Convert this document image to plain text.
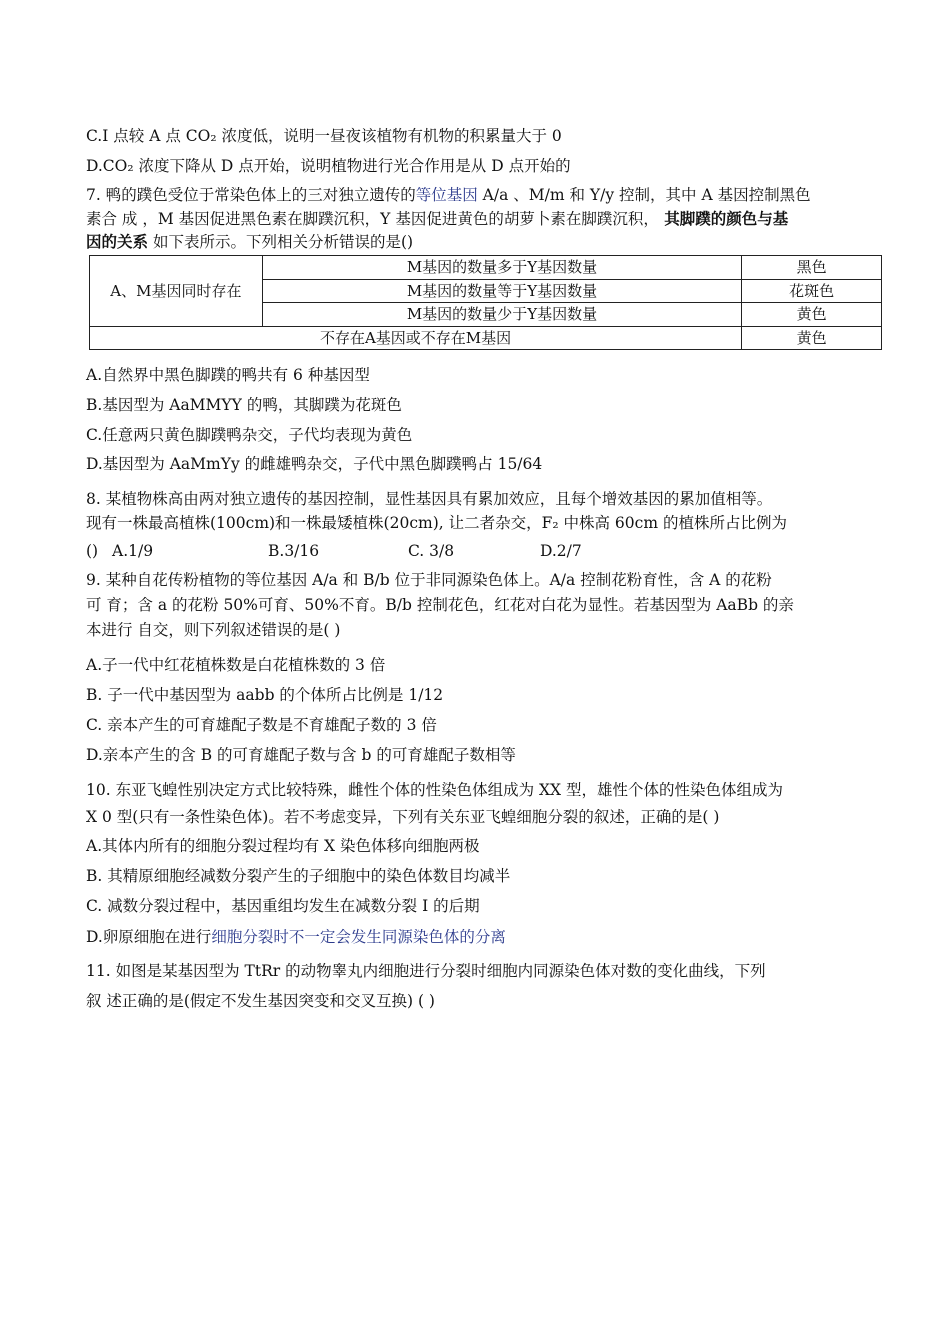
C.I 点较 A 点 CO₂ 浓度低，说明一昼夜该植物有机物的积累量大于 0
D.CO₂ 浓度下降从 D 点开始，说明植物进行光合作用是从 D 点开始的
7. 鸭的蹼色受位于常染色体上的三对独立遗传的等位基因 A/a 、M/m 和 Y/y 控制，其中 A 基因控制黑色
素合 成 ，M 基因促进黑色素在脚蹼沉积，Y 基因促进黄色的胡萝卜素在脚蹼沉积， 其脚蹼的颜色与基
因的关系 如下表所示。下列相关分析错误的是()
A、M基因同时存在	M基因的数量多于Y基因数量	黑色
	M基因的数量等于Y基因数量	花斑色
	M基因的数量少于Y基因数量	黄色
不存在A基因或不存在M基因		黄色
A.自然界中黑色脚蹼的鸭共有 6 种基因型
B.基因型为 AaMMYY 的鸭，其脚蹼为花斑色
C.任意两只黄色脚蹼鸭杂交，子代均表现为黄色
D.基因型为 AaMmYy 的雌雄鸭杂交，子代中黑色脚蹼鸭占 15/64
8. 某植物株高由两对独立遗传的基因控制，显性基因具有累加效应，且每个增效基因的累加值相等。
现有一株最高植株(100cm)和一株最矮植株(20cm), 让二者杂交，F₂ 中株高 60cm 的植株所占比例为
() A.1/9	B.3/16	C. 3/8	D.2/7
9. 某种自花传粉植物的等位基因 A/a 和 B/b 位于非同源染色体上。A/a 控制花粉育性，含 A 的花粉
可 育；含 a 的花粉 50%可育、50%不育。B/b 控制花色，红花对白花为显性。若基因型为 AaBb 的亲
本进行 自交，则下列叙述错误的是( )
A.子一代中红花植株数是白花植株数的 3 倍
B. 子一代中基因型为 aabb 的个体所占比例是 1/12
C. 亲本产生的可育雄配子数是不育雄配子数的 3 倍
D.亲本产生的含 B 的可育雄配子数与含 b 的可育雄配子数相等
10. 东亚飞蝗性别决定方式比较特殊，雌性个体的性染色体组成为 XX 型，雄性个体的性染色体组成为
X 0 型(只有一条性染色体)。若不考虑变异，下列有关东亚飞蝗细胞分裂的叙述，正确的是( )
A.其体内所有的细胞分裂过程均有 X 染色体移向细胞两极
B. 其精原细胞经减数分裂产生的子细胞中的染色体数目均减半
C. 减数分裂过程中，基因重组均发生在减数分裂 I 的后期
D.卵原细胞在进行细胞分裂时不一定会发生同源染色体的分离
11. 如图是某基因型为 TtRr 的动物睾丸内细胞进行分裂时细胞内同源染色体对数的变化曲线，下列
叙 述正确的是(假定不发生基因突变和交叉互换) ( )
